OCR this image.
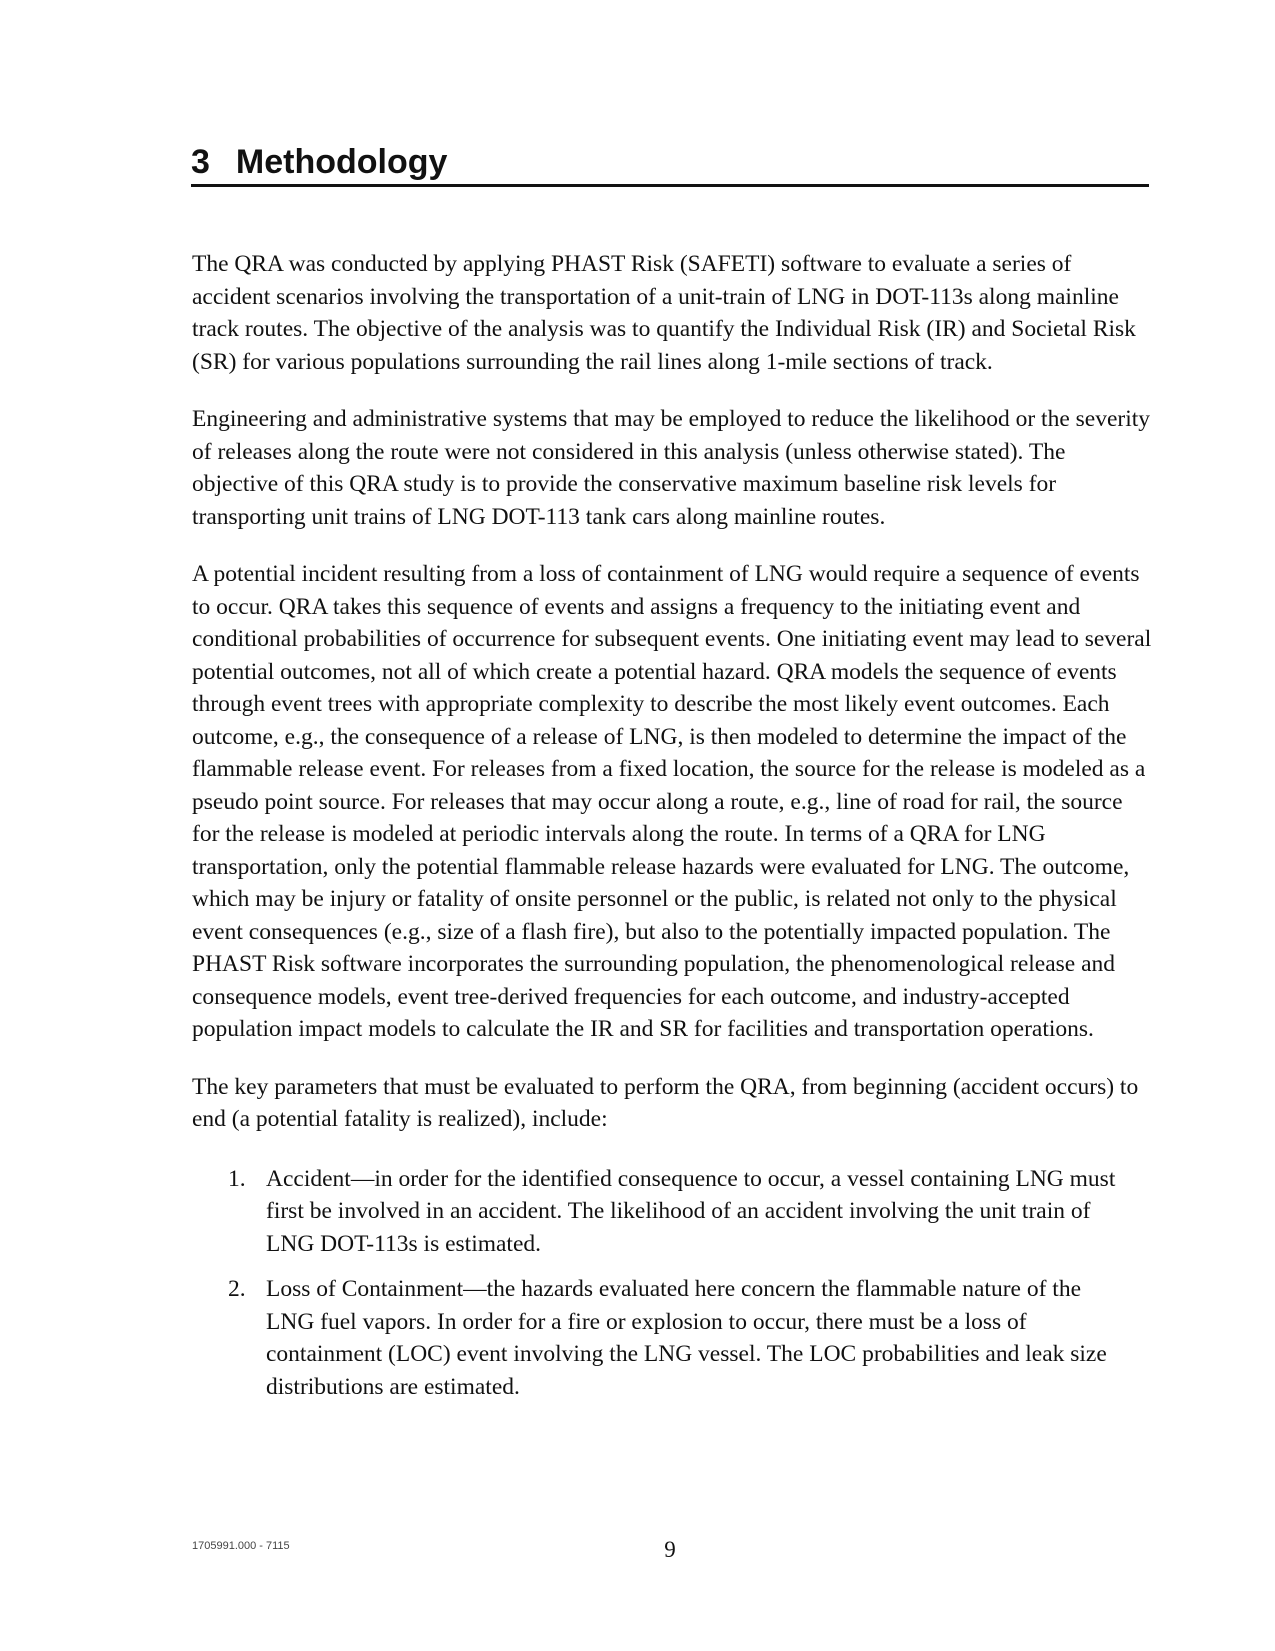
3 Methodology

The QRA was conducted by applying PHAST Risk (SAFETI) software to evaluate a series of accident scenarios involving the transportation of a unit-train of LNG in DOT-113s along mainline track routes. The objective of the analysis was to quantify the Individual Risk (IR) and Societal Risk (SR) for various populations surrounding the rail lines along 1-mile sections of track.

Engineering and administrative systems that may be employed to reduce the likelihood or the severity of releases along the route were not considered in this analysis (unless otherwise stated). The objective of this QRA study is to provide the conservative maximum baseline risk levels for transporting unit trains of LNG DOT-113 tank cars along mainline routes.

A potential incident resulting from a loss of containment of LNG would require a sequence of events to occur. QRA takes this sequence of events and assigns a frequency to the initiating event and conditional probabilities of occurrence for subsequent events. One initiating event may lead to several potential outcomes, not all of which create a potential hazard. QRA models the sequence of events through event trees with appropriate complexity to describe the most likely event outcomes. Each outcome, e.g., the consequence of a release of LNG, is then modeled to determine the impact of the flammable release event. For releases from a fixed location, the source for the release is modeled as a pseudo point source. For releases that may occur along a route, e.g., line of road for rail, the source for the release is modeled at periodic intervals along the route. In terms of a QRA for LNG transportation, only the potential flammable release hazards were evaluated for LNG. The outcome, which may be injury or fatality of onsite personnel or the public, is related not only to the physical event consequences (e.g., size of a flash fire), but also to the potentially impacted population. The PHAST Risk software incorporates the surrounding population, the phenomenological release and consequence models, event tree-derived frequencies for each outcome, and industry-accepted population impact models to calculate the IR and SR for facilities and transportation operations.

The key parameters that must be evaluated to perform the QRA, from beginning (accident occurs) to end (a potential fatality is realized), include:

1. Accident—in order for the identified consequence to occur, a vessel containing LNG must first be involved in an accident. The likelihood of an accident involving the unit train of LNG DOT-113s is estimated.
2. Loss of Containment—the hazards evaluated here concern the flammable nature of the LNG fuel vapors. In order for a fire or explosion to occur, there must be a loss of containment (LOC) event involving the LNG vessel. The LOC probabilities and leak size distributions are estimated.
1705991.000 - 7115	9
